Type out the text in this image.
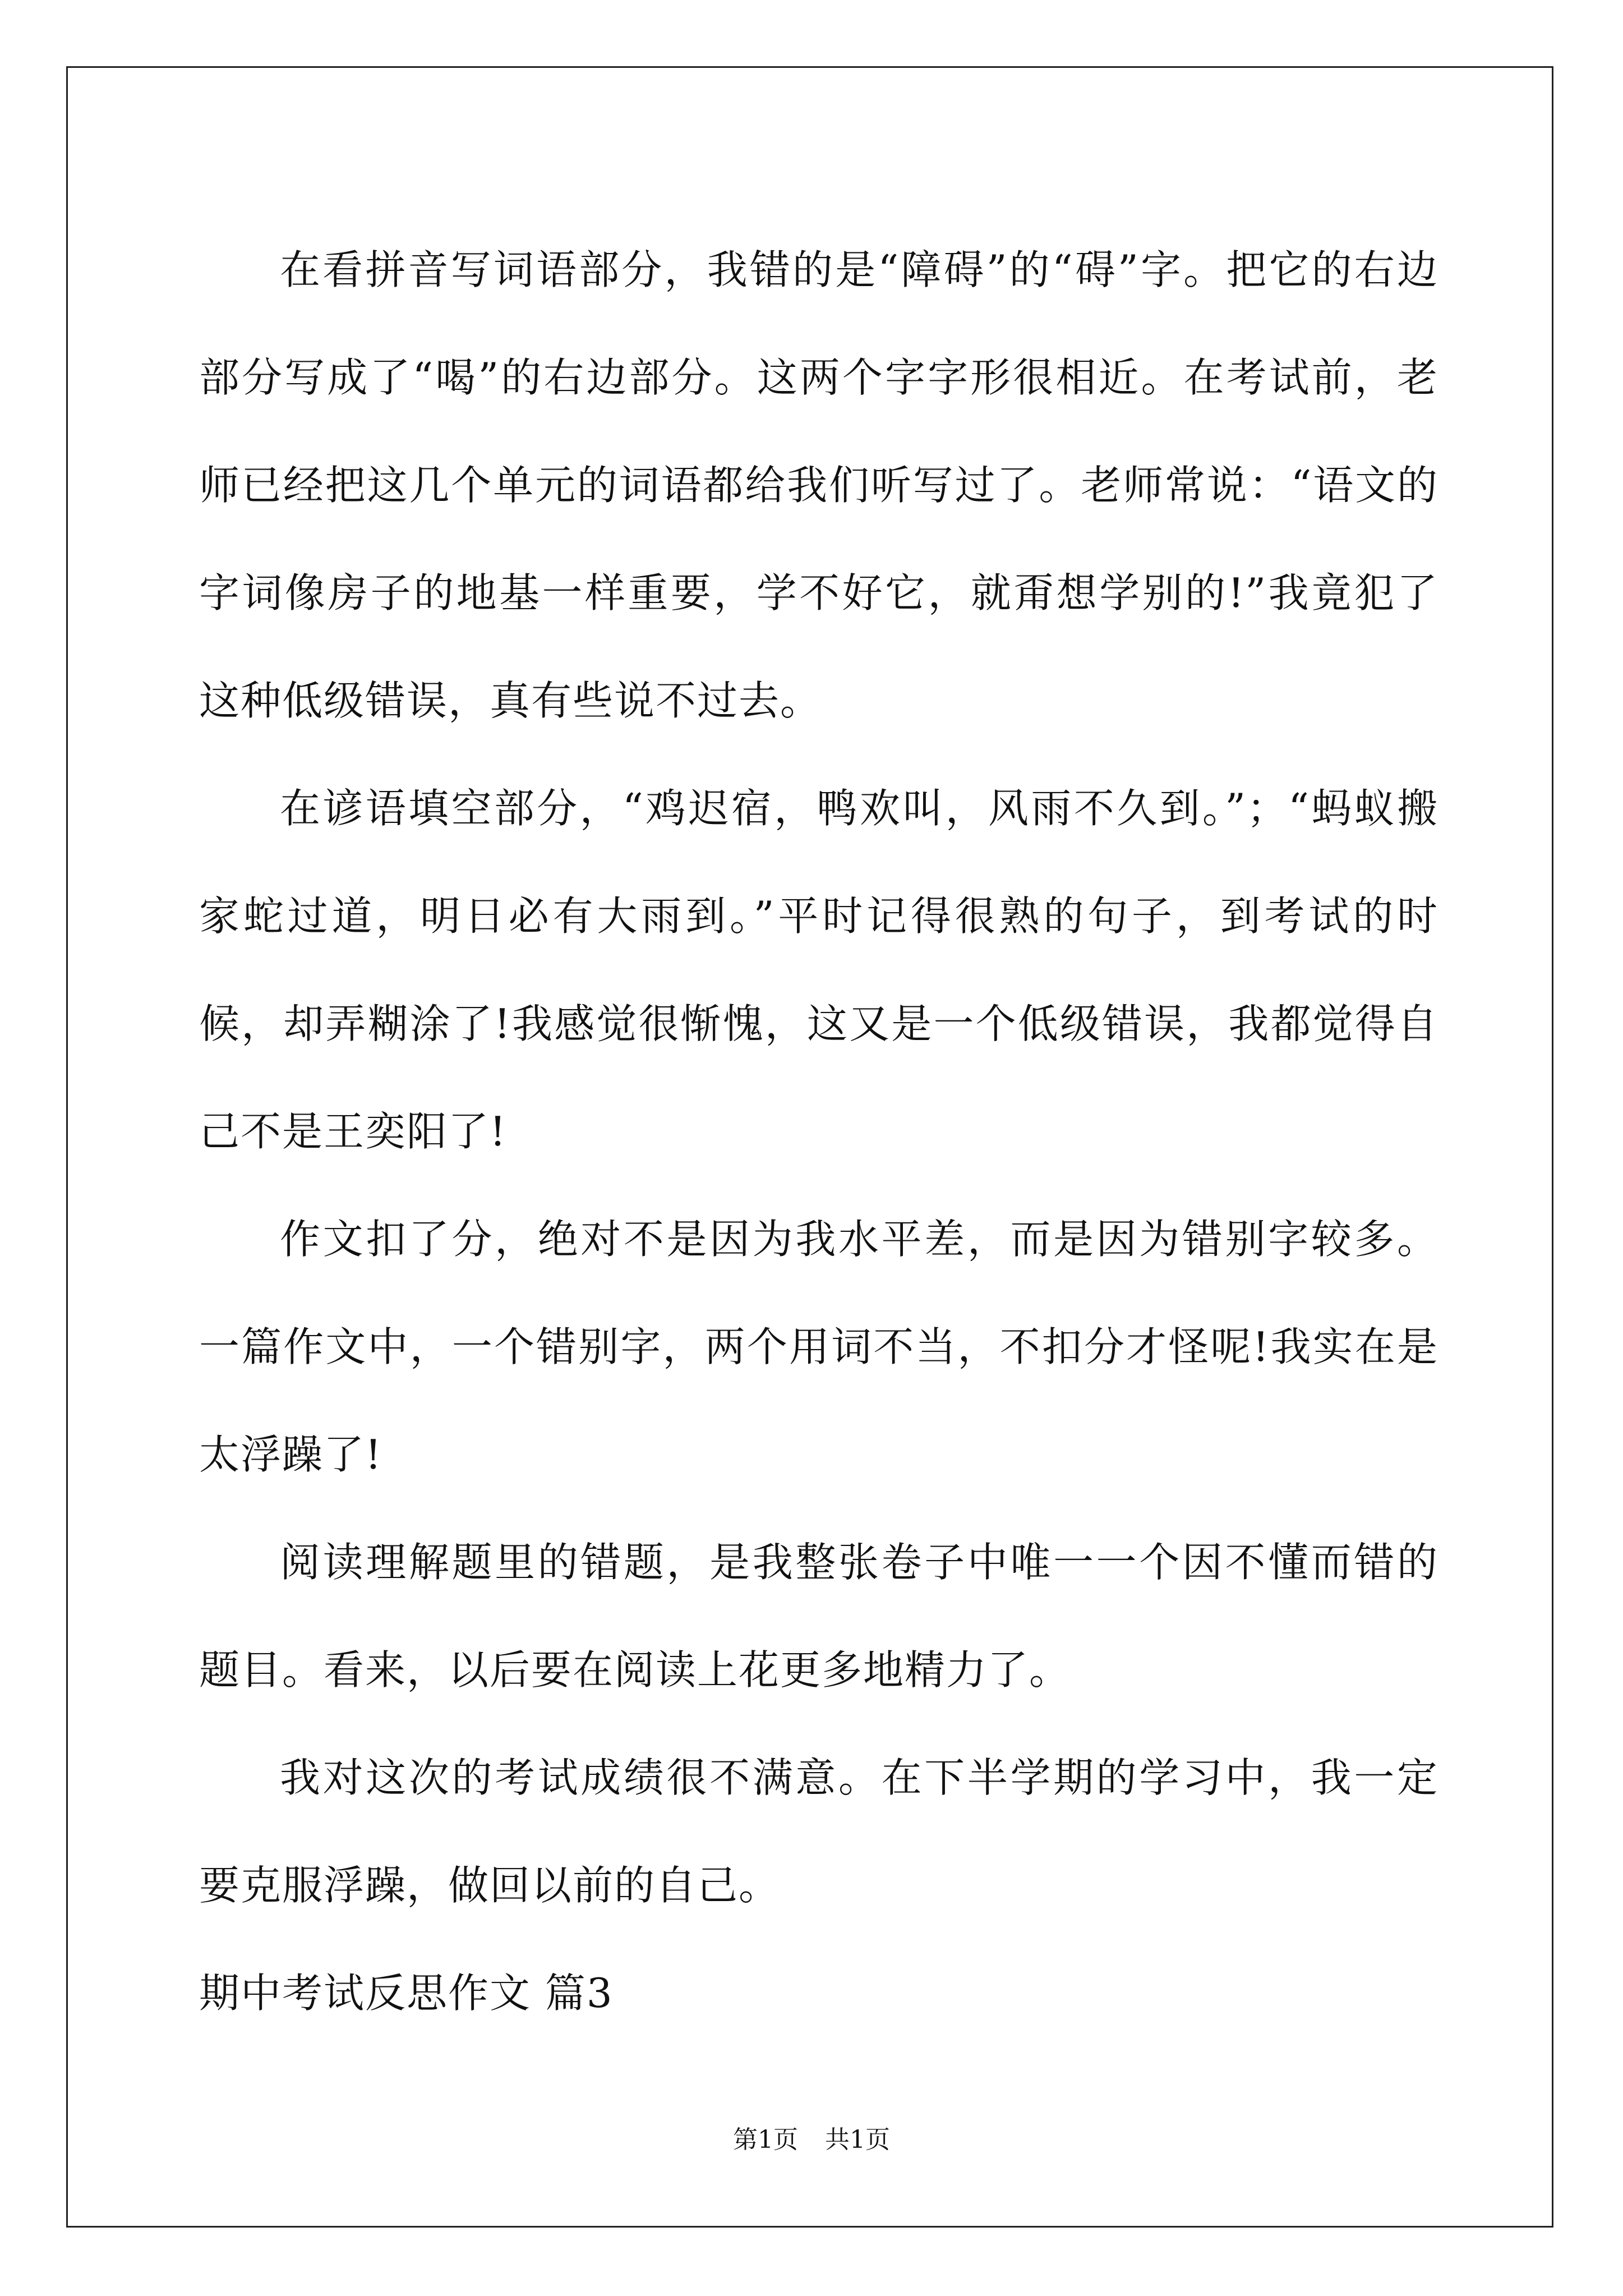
在看拼音写词语部分，我错的是“障碍”的“碍”字。把它的右边部分写成了“喝”的右边部分。这两个字字形很相近。在考试前，老师已经把这几个单元的词语都给我们听写过了。老师常说：“语文的字词像房子的地基一样重要，学不好它，就甭想学别的!”我竟犯了这种低级错误，真有些说不过去。

在谚语填空部分，“鸡迟宿，鸭欢叫，风雨不久到。”；“蚂蚁搬家蛇过道，明日必有大雨到。”平时记得很熟的句子，到考试的时候，却弄糊涂了!我感觉很惭愧，这又是一个低级错误，我都觉得自己不是王奕阳了!

作文扣了分，绝对不是因为我水平差，而是因为错别字较多。一篇作文中，一个错别字，两个用词不当，不扣分才怪呢!我实在是太浮躁了!

阅读理解题里的错题，是我整张卷子中唯一一个因不懂而错的题目。看来，以后要在阅读上花更多地精力了。

我对这次的考试成绩很不满意。在下半学期的学习中，我一定要克服浮躁，做回以前的自己。

期中考试反思作文 篇3

第1页 共1页
